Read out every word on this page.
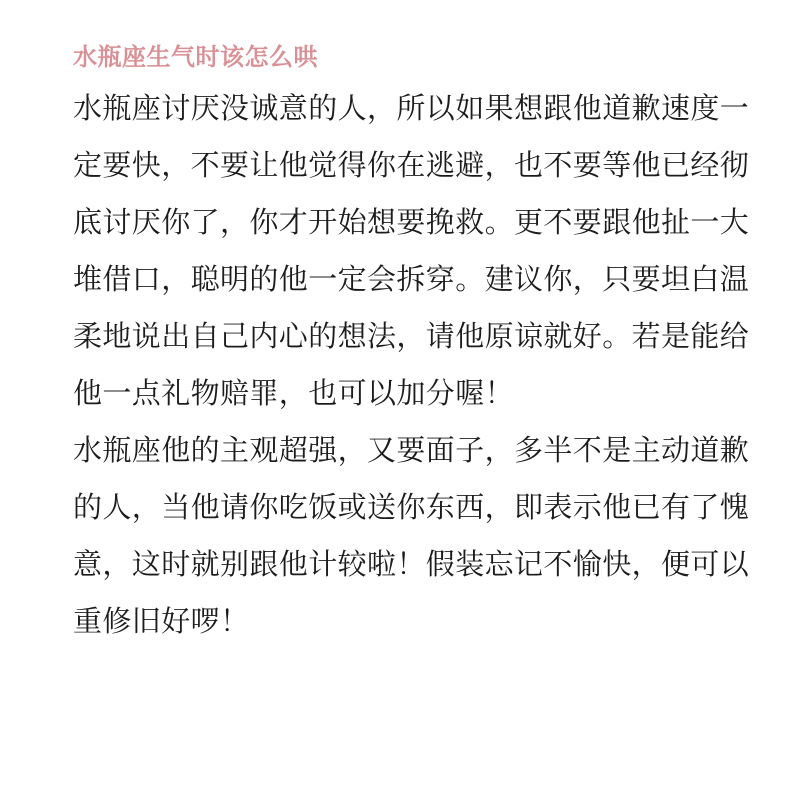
水瓶座生气时该怎么哄

水瓶座讨厌没诚意的人，所以如果想跟他道歉速度一
定要快，不要让他觉得你在逃避，也不要等他已经彻
底讨厌你了，你才开始想要挽救。更不要跟他扯一大
堆借口，聪明的他一定会拆穿。建议你，只要坦白温
柔地说出自己内心的想法，请他原谅就好。若是能给
他一点礼物赔罪，也可以加分喔！

水瓶座他的主观超强，又要面子，多半不是主动道歉
的人，当他请你吃饭或送你东西，即表示他已有了愧
意，这时就别跟他计较啦！假装忘记不愉快，便可以
重修旧好啰！
